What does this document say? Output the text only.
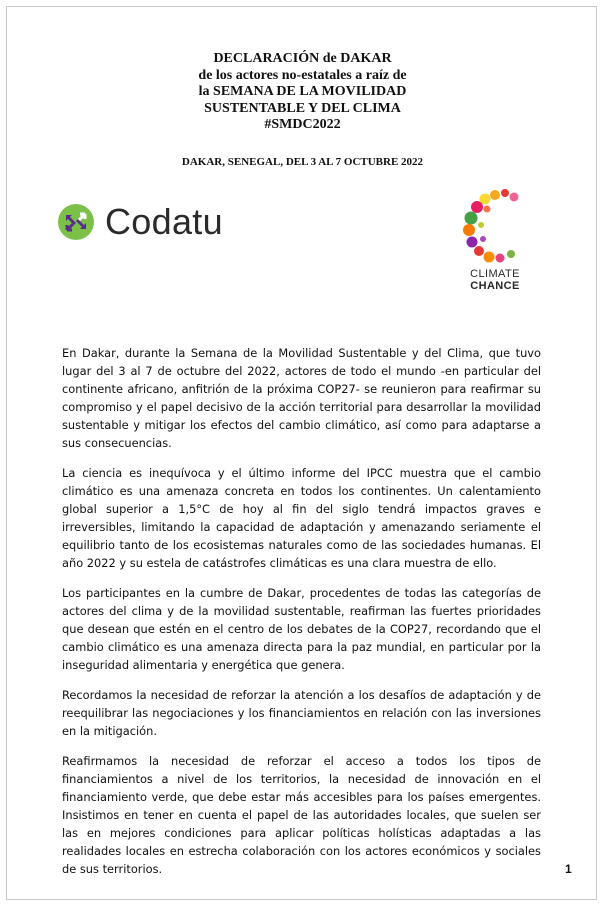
DECLARACIÓN de DAKAR
de los actores no-estatales a raíz de
la SEMANA DE LA MOVILIDAD
SUSTENTABLE Y DEL CLIMA
#SMDC2022
DAKAR, SENEGAL, DEL 3 AL 7 OCTUBRE 2022
Codatu
CLIMATE
CHANCE

En Dakar, durante la Semana de la Movilidad Sustentable y del Clima, que tuvo lugar del 3 al 7 de octubre del 2022, actores de todo el mundo -en particular del continente africano, anfitrión de la próxima COP27- se reunieron para reafirmar su compromiso y el papel decisivo de la acción territorial para desarrollar la movilidad sustentable y mitigar los efectos del cambio climático, así como para adaptarse a sus consecuencias.

La ciencia es inequívoca y el último informe del IPCC muestra que el cambio climático es una amenaza concreta en todos los continentes. Un calentamiento global superior a 1,5°C de hoy al fin del siglo tendrá impactos graves e irreversibles, limitando la capacidad de adaptación y amenazando seriamente el equilibrio tanto de los ecosistemas naturales como de las sociedades humanas. El año 2022 y su estela de catástrofes climáticas es una clara muestra de ello.

Los participantes en la cumbre de Dakar, procedentes de todas las categorías de actores del clima y de la movilidad sustentable, reafirman las fuertes prioridades que desean que estén en el centro de los debates de la COP27, recordando que el cambio climático es una amenaza directa para la paz mundial, en particular por la inseguridad alimentaria y energética que genera.

Recordamos la necesidad de reforzar la atención a los desafíos de adaptación y de reequilibrar las negociaciones y los financiamientos en relación con las inversiones en la mitigación.

Reafirmamos la necesidad de reforzar el acceso a todos los tipos de financiamientos a nivel de los territorios, la necesidad de innovación en el financiamiento verde, que debe estar más accesibles para los países emergentes. Insistimos en tener en cuenta el papel de las autoridades locales, que suelen ser las en mejores condiciones para aplicar políticas holísticas adaptadas a las realidades locales en estrecha colaboración con los actores económicos y sociales de sus territorios.	1
